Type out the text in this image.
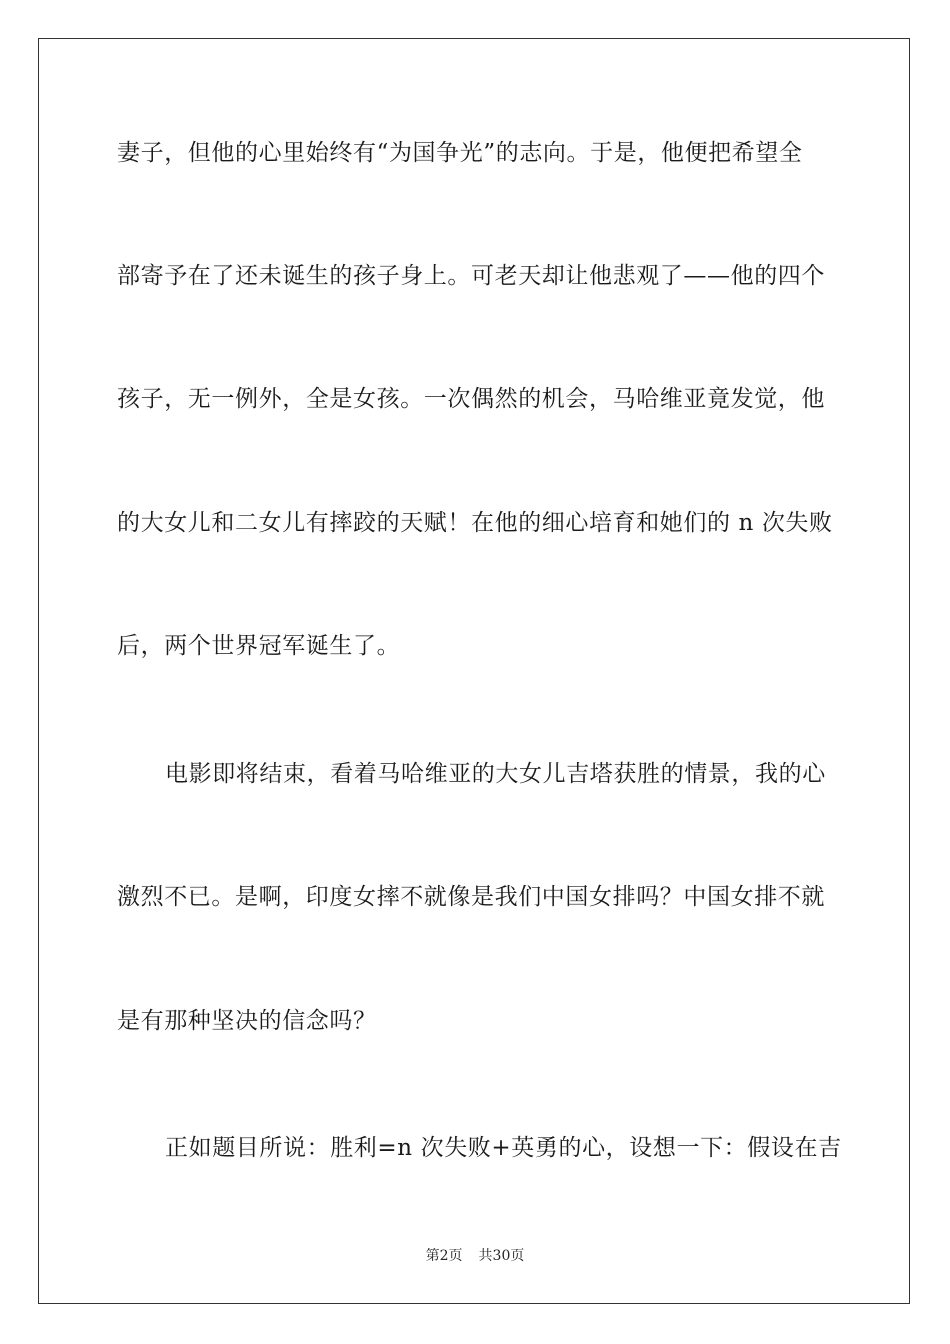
妻子，但他的心里始终有“为国争光”的志向。于是，他便把希望全
部寄予在了还未诞生的孩子身上。可老天却让他悲观了——他的四个
孩子，无一例外，全是女孩。一次偶然的机会，马哈维亚竟发觉，他
的大女儿和二女儿有摔跤的天赋！在他的细心培育和她们的 n 次失败
后，两个世界冠军诞生了。
电影即将结束，看着马哈维亚的大女儿吉塔获胜的情景，我的心
激烈不已。是啊，印度女摔不就像是我们中国女排吗？中国女排不就
是有那种坚决的信念吗？
正如题目所说：胜利=n 次失败+英勇的心，设想一下：假设在吉
第2页 共30页
